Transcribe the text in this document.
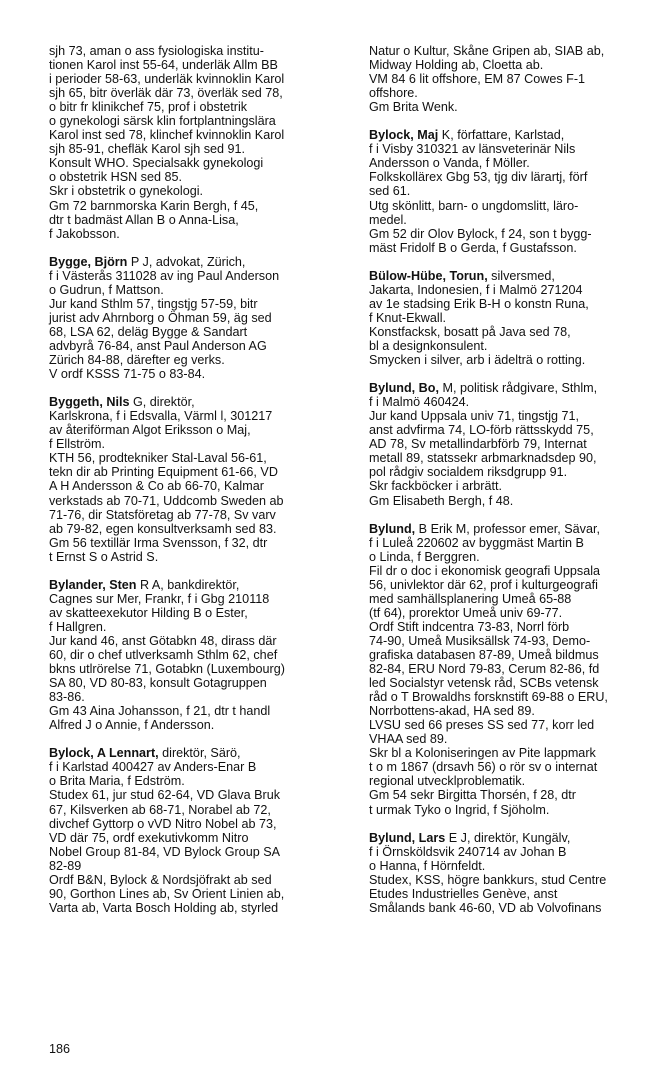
sjh 73, aman o ass fysiologiska institu-
tionen Karol inst 55-64, underläk Allm BB
i perioder 58-63, underläk kvinnoklin Karol
sjh 65, bitr överläk där 73, överläk sed 78,
o bitr fr klinikchef 75, prof i obstetrik
o gynekologi särsk klin fortplantningslära
Karol inst sed 78, klinchef kvinnoklin Karol
sjh 85-91, chefläk Karol sjh sed 91.
Konsult WHO. Specialsakk gynekologi
o obstetrik HSN sed 85.
Skr i obstetrik o gynekologi.
Gm 72 barnmorska Karin Bergh, f 45,
dtr t badmäst Allan B o Anna-Lisa,
f Jakobsson.
Bygge, Björn P J, advokat, Zürich,
f i Västerås 311028 av ing Paul Anderson
o Gudrun, f Mattson.
Jur kand Sthlm 57, tingstjg 57-59, bitr
jurist adv Ahrnborg o Öhman 59, äg sed
68, LSA 62, deläg Bygge & Sandart
advbyrå 76-84, anst Paul Anderson AG
Zürich 84-88, därefter eg verks.
V ordf KSSS 71-75 o 83-84.
Byggeth, Nils G, direktör,
Karlskrona, f i Edsvalla, Värml l, 301217
av återiförman Algot Eriksson o Maj,
f Ellström.
KTH 56, prodtekniker Stal-Laval 56-61,
tekn dir ab Printing Equipment 61-66, VD
A H Andersson & Co ab 66-70, Kalmar
verkstads ab 70-71, Uddcomb Sweden ab
71-76, dir Statsföretag ab 77-78, Sv varv
ab 79-82, egen konsultverksamh sed 83.
Gm 56 textillär Irma Svensson, f 32, dtr
t Ernst S o Astrid S.
Bylander, Sten R A, bankdirektör,
Cagnes sur Mer, Frankr, f i Gbg 210118
av skatteexekutor Hilding B o Ester,
f Hallgren.
Jur kand 46, anst Götabkn 48, dirass där
60, dir o chef utlverksamh Sthlm 62, chef
bkns utlrörelse 71, Gotabkn (Luxembourg)
SA 80, VD 80-83, konsult Gotagruppen
83-86.
Gm 43 Aina Johansson, f 21, dtr t handl
Alfred J o Annie, f Andersson.
Bylock, A Lennart, direktör, Särö,
f i Karlstad 400427 av Anders-Enar B
o Brita Maria, f Edström.
Studex 61, jur stud 62-64, VD Glava Bruk
67, Kilsverken ab 68-71, Norabel ab 72,
divchef Gyttorp o vVD Nitro Nobel ab 73,
VD där 75, ordf exekutivkomm Nitro
Nobel Group 81-84, VD Bylock Group SA
82-89
Ordf B&N, Bylock & Nordsjöfrakt ab sed
90, Gorthon Lines ab, Sv Orient Linien ab,
Varta ab, Varta Bosch Holding ab, styrled
Natur o Kultur, Skåne Gripen ab, SIAB ab,
Midway Holding ab, Cloetta ab.
VM 84 6 lit offshore, EM 87 Cowes F-1
offshore.
Gm Brita Wenk.
Bylock, Maj K, författare, Karlstad,
f i Visby 310321 av länsveterinär Nils
Andersson o Vanda, f Möller.
Folkskollärex Gbg 53, tjg div lärartj, förf
sed 61.
Utg skönlitt, barn- o ungdomslitt, läro-
medel.
Gm 52 dir Olov Bylock, f 24, son t bygg-
mäst Fridolf B o Gerda, f Gustafsson.
Bülow-Hübe, Torun, silversmed,
Jakarta, Indonesien, f i Malmö 271204
av 1e stadsing Erik B-H o konstn Runa,
f Knut-Ekwall.
Konstfacksk, bosatt på Java sed 78,
bl a designkonsulent.
Smycken i silver, arb i ädelträ o rotting.
Bylund, Bo, M, politisk rådgivare, Sthlm,
f i Malmö 460424.
Jur kand Uppsala univ 71, tingstjg 71,
anst advfirma 74, LO-förb rättsskydd 75,
AD 78, Sv metallindarbförb 79, Internat
metall 89, statssekr arbmarknadsdep 90,
pol rådgiv socialdem riksdgrupp 91.
Skr fackböcker i arbrätt.
Gm Elisabeth Bergh, f 48.
Bylund, B Erik M, professor emer, Sävar,
f i Luleå 220602 av byggmäst Martin B
o Linda, f Berggren.
Fil dr o doc i ekonomisk geografi Uppsala
56, univlektor där 62, prof i kulturgeografi
med samhällsplanering Umeå 65-88
(tf 64), prorektor Umeå univ 69-77.
Ordf Stift indcentra 73-83, Norrl förb
74-90, Umeå Musiksällsk 74-93, Demo-
grafiska databasen 87-89, Umeå bildmus
82-84, ERU Nord 79-83, Cerum 82-86, fd
led Socialstyr vetensk råd, SCBs vetensk
råd o T Browaldhs forsknstift 69-88 o ERU,
Norrbottens-akad, HA sed 89.
LVSU sed 66 preses SS sed 77, korr led
VHAA sed 89.
Skr bl a Koloniseringen av Pite lappmark
t o m 1867 (drsavh 56) o rör sv o internat
regional utvecklproblematik.
Gm 54 sekr Birgitta Thorsén, f 28, dtr
t urmak Tyko o Ingrid, f Sjöholm.
Bylund, Lars E J, direktör, Kungälv,
f i Örnsköldsvik 240714 av Johan B
o Hanna, f Hörnfeldt.
Studex, KSS, högre bankkurs, stud Centre
Etudes Industrielles Genève, anst
Smålands bank 46-60, VD ab Volvofinans
186
